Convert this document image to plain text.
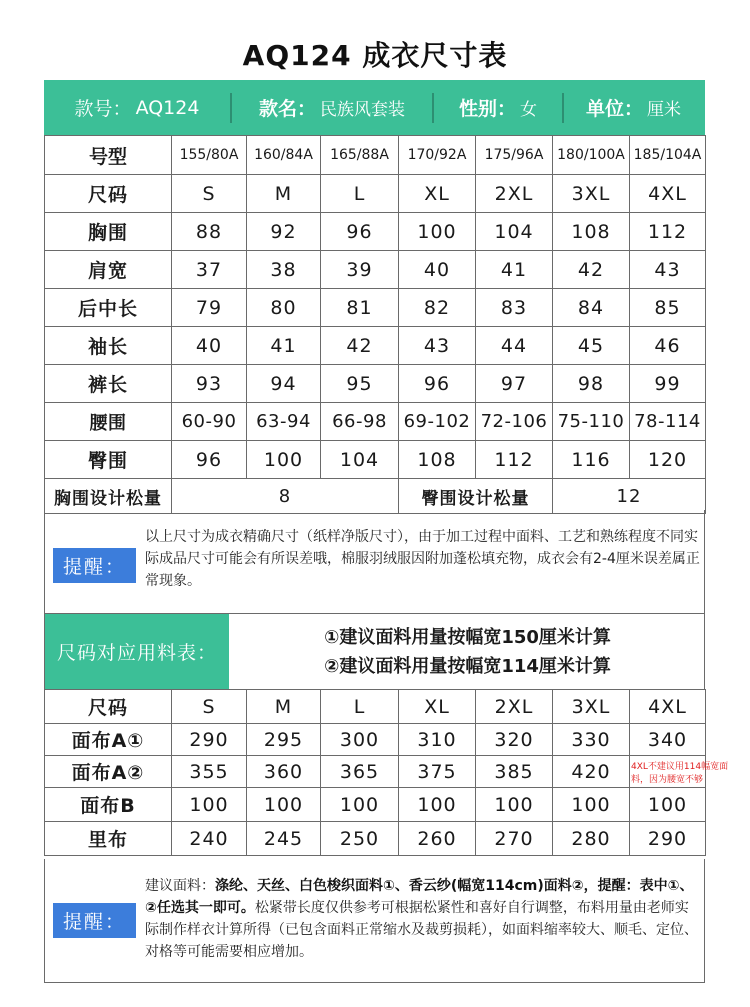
AQ124 成衣尺寸表
款号： AQ124	款名： 民族风套装	性别： 女	单位： 厘米
号型	155/80A	160/84A	165/88A	170/92A	175/96A	180/100A	185/104A
尺码	S	M	L	XL	2XL	3XL	4XL
胸围	88	92	96	100	104	108	112
肩宽	37	38	39	40	41	42	43
后中长	79	80	81	82	83	84	85
袖长	40	41	42	43	44	45	46
裤长	93	94	95	96	97	98	99
腰围	60-90	63-94	66-98	69-102	72-106	75-110	78-114
臀围	96	100	104	108	112	116	120
胸围设计松量	8			臀围设计松量		12	
提醒：
以上尺寸为成衣精确尺寸（纸样净版尺寸），由于加工过程中面料、工艺和熟练程度不同实际成品尺寸可能会有所误差哦，棉服羽绒服因附加蓬松填充物，成衣会有2-4厘米误差属正常现象。
尺码对应用料表：
①建议面料用量按幅宽150厘米计算
②建议面料用量按幅宽114厘米计算
尺码	S	M	L	XL	2XL	3XL	4XL
面布A①	290	295	300	310	320	330	340
面布A②	355	360	365	375	385	420	
面布B	100	100	100	100	100	100	100
里布	240	245	250	260	270	280	290
4XL不建议用114幅宽面料，因为腰宽不够
提醒：
建议面料：涤纶、天丝、白色梭织面料①、香云纱(幅宽114cm)面料②，提醒：表中①、②任选其一即可。松紧带长度仅供参考可根据松紧性和喜好自行调整，布料用量由老师实际制作样衣计算所得（已包含面料正常缩水及裁剪损耗），如面料缩率较大、顺毛、定位、对格等可能需要相应增加。
